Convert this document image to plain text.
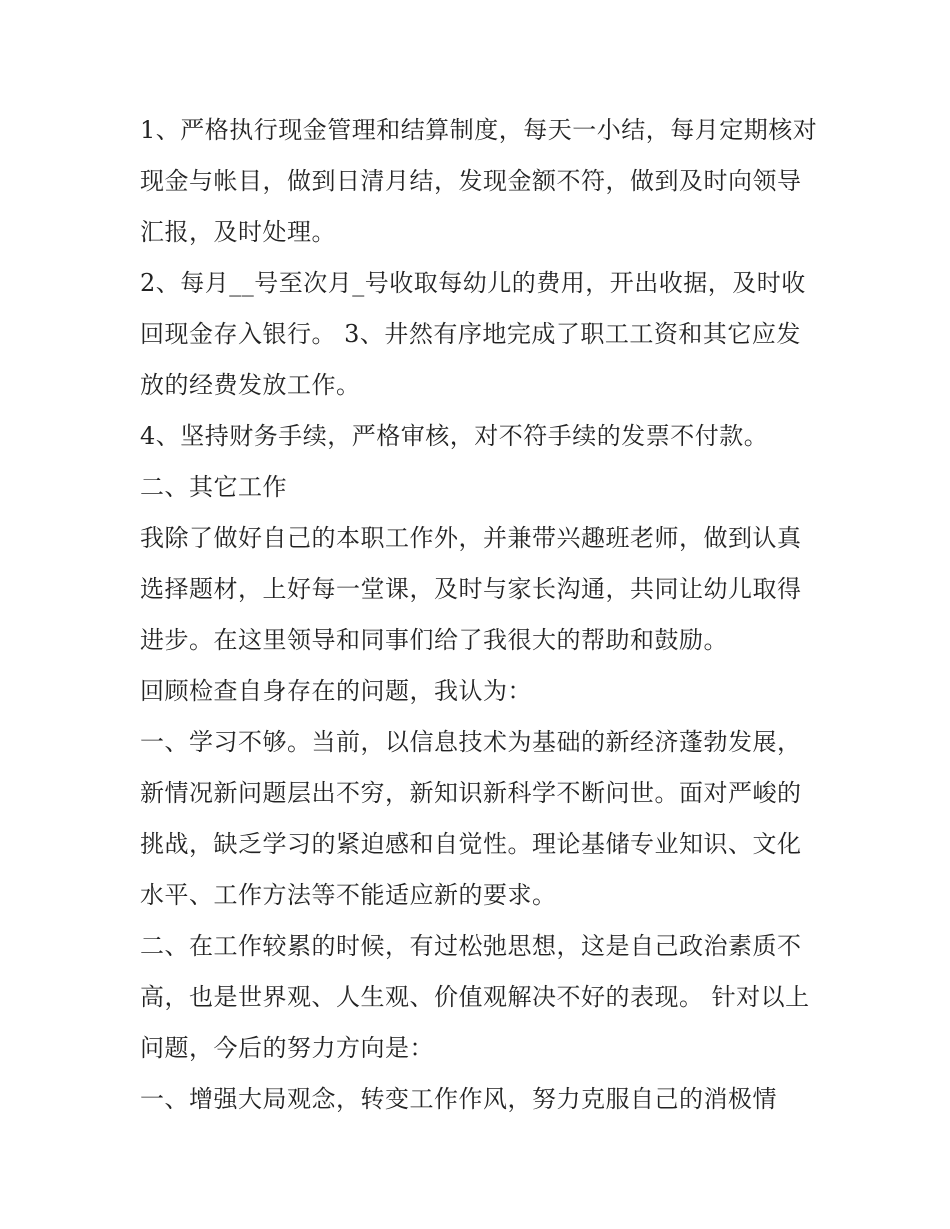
1、严格执行现金管理和结算制度，每天一小结，每月定期核对现金与帐目，做到日清月结，发现金额不符，做到及时向领导汇报，及时处理。

2、每月__号至次月_号收取每幼儿的费用，开出收据，及时收回现金存入银行。 3、井然有序地完成了职工工资和其它应发放的经费发放工作。

4、坚持财务手续，严格审核，对不符手续的发票不付款。

二、其它工作

我除了做好自己的本职工作外，并兼带兴趣班老师，做到认真选择题材，上好每一堂课，及时与家长沟通，共同让幼儿取得进步。在这里领导和同事们给了我很大的帮助和鼓励。

回顾检查自身存在的问题，我认为：

一、学习不够。当前，以信息技术为基础的新经济蓬勃发展，新情况新问题层出不穷，新知识新科学不断问世。面对严峻的挑战，缺乏学习的紧迫感和自觉性。理论基储专业知识、文化水平、工作方法等不能适应新的要求。

二、在工作较累的时候，有过松弛思想，这是自己政治素质不高，也是世界观、人生观、价值观解决不好的表现。 针对以上问题，今后的努力方向是：

一、增强大局观念，转变工作作风，努力克服自己的消极情
